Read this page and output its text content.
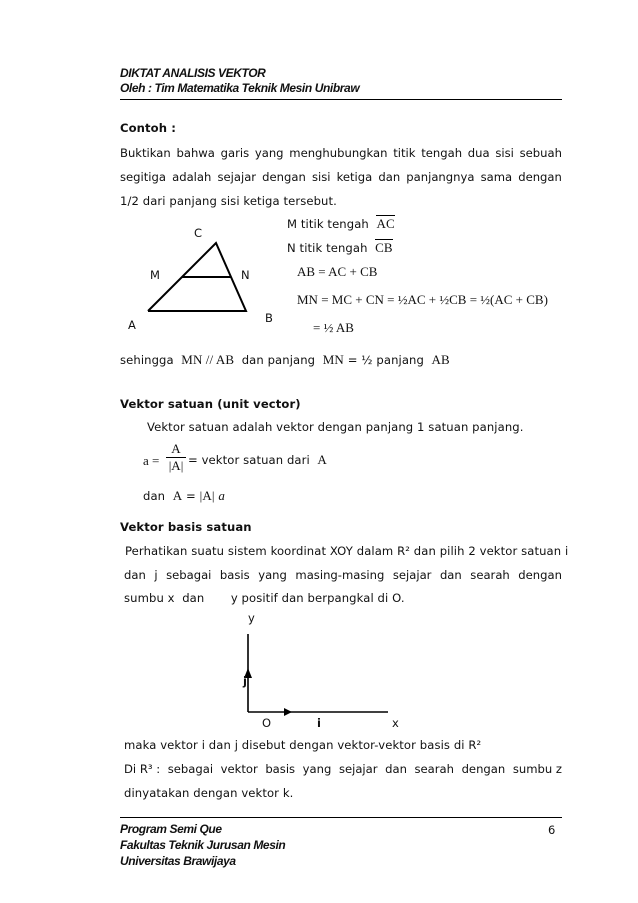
DIKTAT ANALISIS VEKTOR
Oleh : Tim Matematika Teknik Mesin Unibraw
Contoh :
Buktikan bahwa garis yang menghubungkan titik tengah dua sisi sebuah
segitiga adalah sejajar dengan sisi ketiga dan panjangnya sama dengan
1/2 dari panjang sisi ketiga tersebut.
C
M	N
A	B
M titik tengah AC
N titik tengah CB
AB = AC + CB
MN = MC + CN = ½AC + ½CB = ½(AC + CB)
= ½ AB
sehingga MN // AB dan panjang MN = ½ panjang AB
Vektor satuan (unit vector)
Vektor satuan adalah vektor dengan panjang 1 satuan panjang.
a =
A
|A| = vektor satuan dari A
dan A = |A| a
Vektor basis satuan
Perhatikan suatu sistem koordinat XOY dalam R² dan pilih 2 vektor satuan i
dan j sebagai basis yang masing-masing sejajar dan searah dengan
sumbu x  dan       y positif dan berpangkal di O.
y
j
O	i	x
maka vektor i dan j disebut dengan vektor-vektor basis di R²
Di R³ : sebagai vektor basis yang sejajar dan searah dengan sumbu z
dinyatakan dengan vektor k.
Program Semi Que
Fakultas Teknik Jurusan Mesin
Universitas Brawijaya
6
